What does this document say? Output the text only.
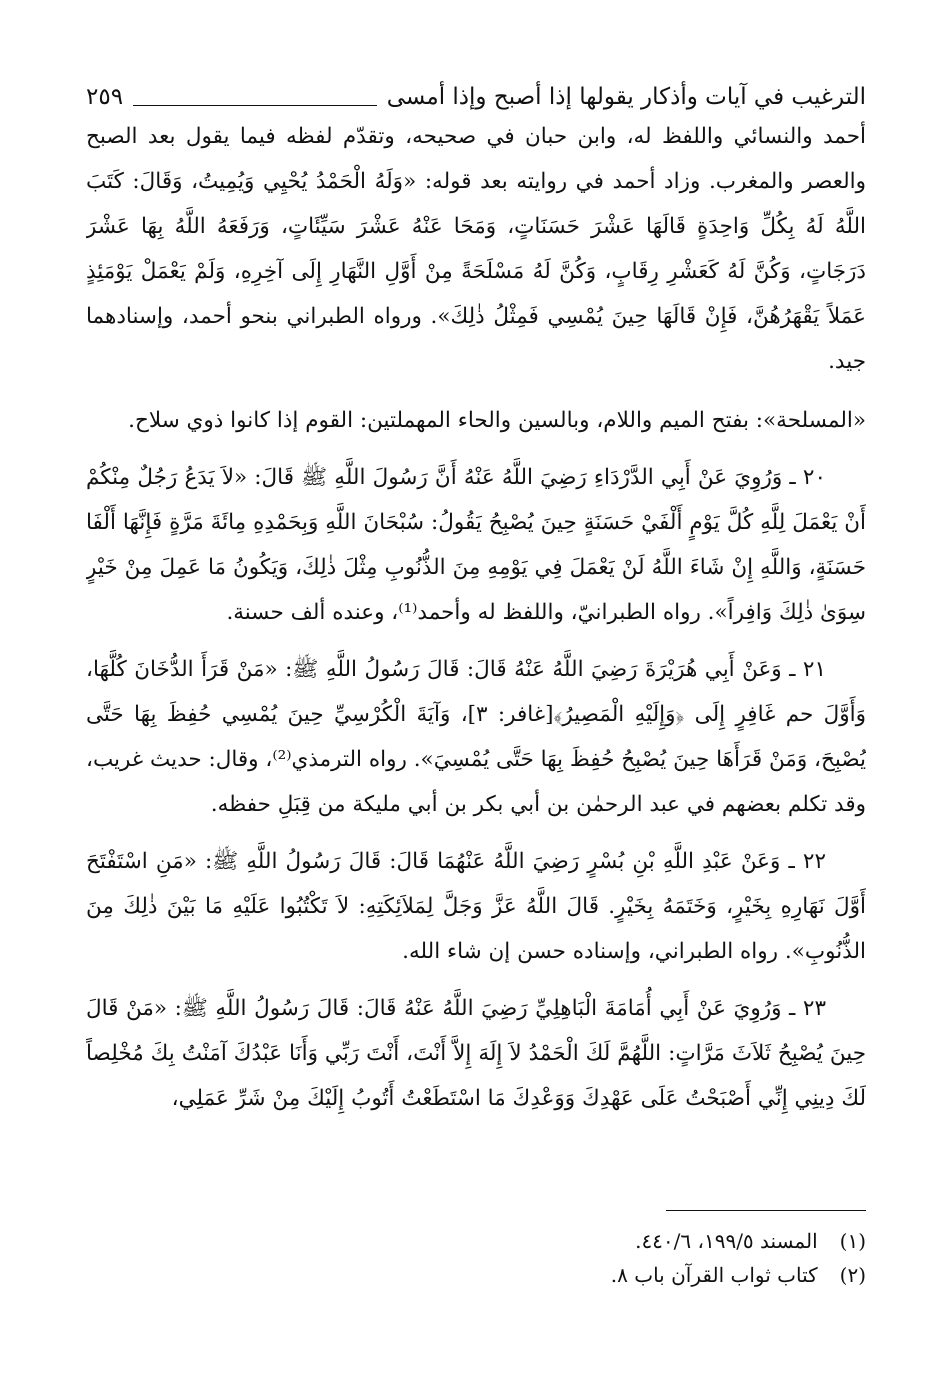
الترغيب في آيات وأذكار يقولها إذا أصبح وإذا أمسى
٢٥٩

أحمد والنسائي واللفظ له، وابن حبان في صحيحه، وتقدّم لفظه فيما يقول بعد الصبح والعصر والمغرب. وزاد أحمد في روايته بعد قوله: «وَلَهُ الْحَمْدُ يُحْيِي وَيُمِيتُ، وَقَالَ: كَتَبَ اللَّهُ لَهُ بِكُلِّ وَاحِدَةٍ قَالَهَا عَشْرَ حَسَنَاتٍ، وَمَحَا عَنْهُ عَشْرَ سَيِّئَاتٍ، وَرَفَعَهُ اللَّهُ بِهَا عَشْرَ دَرَجَاتٍ، وَكُنَّ لَهُ كَعَشْرِ رِقَابٍ، وَكُنَّ لَهُ مَسْلَحَةً مِنْ أَوَّلِ النَّهَارِ إِلَى آخِرِهِ، وَلَمْ يَعْمَلْ يَوْمَئِذٍ عَمَلاً يَقْهَرُهُنَّ، فَإِنْ قَالَهَا حِينَ يُمْسِي فَمِثْلُ ذٰلِكَ». ورواه الطبراني بنحو أحمد، وإسنادهما جيد.

«المسلحة»: بفتح الميم واللام، وبالسين والحاء المهملتين: القوم إذا كانوا ذوي سلاح.

٢٠ ـ وَرُوِيَ عَنْ أَبِي الدَّرْدَاءِ رَضِيَ اللَّهُ عَنْهُ أَنَّ رَسُولَ اللَّهِ ﷺ قَالَ: «لاَ يَدَعُ رَجُلٌ مِنْكُمْ أَنْ يَعْمَلَ لِلَّهِ كُلَّ يَوْمٍ أَلْفَيْ حَسَنَةٍ حِينَ يُصْبِحُ يَقُولُ: سُبْحَانَ اللَّهِ وَبِحَمْدِهِ مِائَةَ مَرَّةٍ فَإِنَّهَا أَلْفَا حَسَنَةٍ، وَاللَّهِ إِنْ شَاءَ اللَّهُ لَنْ يَعْمَلَ فِي يَوْمِهِ مِنَ الذُّنُوبِ مِثْلَ ذٰلِكَ، وَيَكُونُ مَا عَمِلَ مِنْ خَيْرٍ سِوَىٰ ذٰلِكَ وَافِراً». رواه الطبرانيّ، واللفظ له وأحمد⁽¹⁾، وعنده ألف حسنة.

٢١ ـ وَعَنْ أَبِي هُرَيْرَةَ رَضِيَ اللَّهُ عَنْهُ قَالَ: قَالَ رَسُولُ اللَّهِ ﷺ: «مَنْ قَرَأَ الدُّخَانَ كُلَّهَا، وَأَوَّلَ حم غَافِرٍ إِلَى ﴿وَإِلَيْهِ الْمَصِيرُ﴾[غافر: ٣]، وَآيَةَ الْكُرْسِيِّ حِينَ يُمْسِي حُفِظَ بِهَا حَتَّى يُصْبِحَ، وَمَنْ قَرَأَهَا حِينَ يُصْبِحُ حُفِظَ بِهَا حَتَّى يُمْسِيَ». رواه الترمذي⁽²⁾، وقال: حديث غريب، وقد تكلم بعضهم في عبد الرحمٰن بن أبي بكر بن أبي مليكة من قِبَلِ حفظه.

٢٢ ـ وَعَنْ عَبْدِ اللَّهِ بْنِ بُسْرٍ رَضِيَ اللَّهُ عَنْهُمَا قَالَ: قَالَ رَسُولُ اللَّهِ ﷺ: «مَنِ اسْتَفْتَحَ أَوَّلَ نَهَارِهِ بِخَيْرٍ، وَخَتَمَهُ بِخَيْرٍ. قَالَ اللَّهُ عَزَّ وَجَلَّ لِمَلاَئِكَتِهِ: لاَ تَكْتُبُوا عَلَيْهِ مَا بَيْنَ ذٰلِكَ مِنَ الذُّنُوبِ». رواه الطبراني، وإسناده حسن إن شاء الله.

٢٣ ـ وَرُوِيَ عَنْ أَبِي أُمَامَةَ الْبَاهِلِيِّ رَضِيَ اللَّهُ عَنْهُ قَالَ: قَالَ رَسُولُ اللَّهِ ﷺ: «مَنْ قَالَ حِينَ يُصْبِحُ ثَلاَثَ مَرَّاتٍ: اللَّهُمَّ لَكَ الْحَمْدُ لاَ إِلَهَ إِلاَّ أَنْتَ، أَنْتَ رَبِّي وَأَنَا عَبْدُكَ آمَنْتُ بِكَ مُخْلِصاً لَكَ دِينِي إِنِّي أَصْبَحْتُ عَلَى عَهْدِكَ وَوَعْدِكَ مَا اسْتَطَعْتُ أَتُوبُ إِلَيْكَ مِنْ شَرِّ عَمَلِي،

(١) المسند ١٩٩/٥، ٤٤٠/٦.
(٢) كتاب ثواب القرآن باب ٨.
